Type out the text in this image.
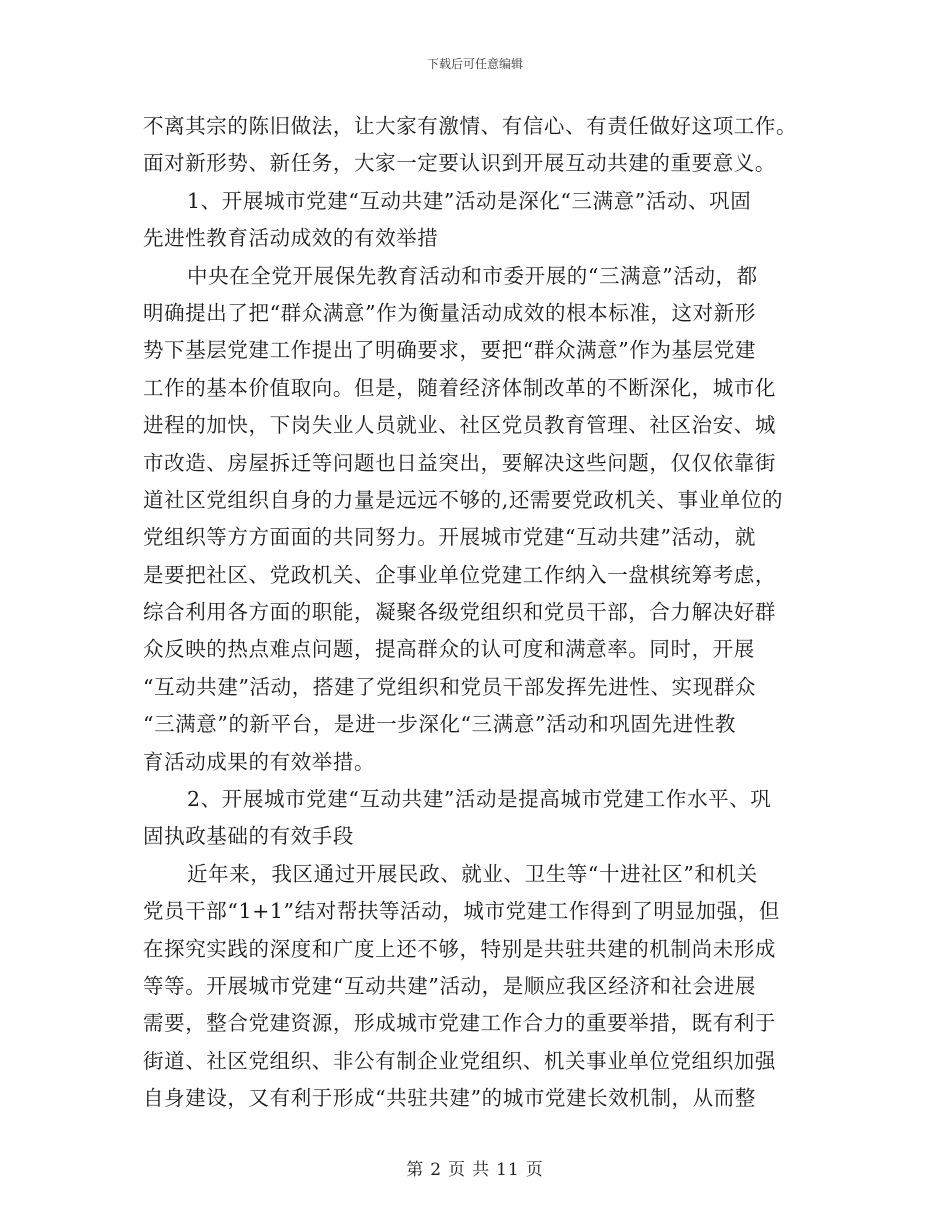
下载后可任意编辑
不离其宗的陈旧做法，让大家有激情、有信心、有责任做好这项工作。
面对新形势、新任务，大家一定要认识到开展互动共建的重要意义。
1、开展城市党建“互动共建”活动是深化“三满意”活动、巩固
先进性教育活动成效的有效举措
中央在全党开展保先教育活动和市委开展的“三满意”活动，都
明确提出了把“群众满意”作为衡量活动成效的根本标准，这对新形
势下基层党建工作提出了明确要求，要把“群众满意”作为基层党建
工作的基本价值取向。但是，随着经济体制改革的不断深化，城市化
进程的加快，下岗失业人员就业、社区党员教育管理、社区治安、城
市改造、房屋拆迁等问题也日益突出，要解决这些问题，仅仅依靠街
道社区党组织自身的力量是远远不够的,还需要党政机关、事业单位的
党组织等方方面面的共同努力。开展城市党建“互动共建”活动，就
是要把社区、党政机关、企事业单位党建工作纳入一盘棋统筹考虑，
综合利用各方面的职能，凝聚各级党组织和党员干部，合力解决好群
众反映的热点难点问题，提高群众的认可度和满意率。同时，开展
“互动共建”活动，搭建了党组织和党员干部发挥先进性、实现群众
“三满意”的新平台，是进一步深化“三满意”活动和巩固先进性教
育活动成果的有效举措。
2、开展城市党建“互动共建”活动是提高城市党建工作水平、巩
固执政基础的有效手段
近年来，我区通过开展民政、就业、卫生等“十进社区”和机关
党员干部“1+1”结对帮扶等活动，城市党建工作得到了明显加强，但
在探究实践的深度和广度上还不够，特别是共驻共建的机制尚未形成
等等。开展城市党建“互动共建”活动，是顺应我区经济和社会进展
需要，整合党建资源，形成城市党建工作合力的重要举措，既有利于
街道、社区党组织、非公有制企业党组织、机关事业单位党组织加强
自身建设，又有利于形成“共驻共建”的城市党建长效机制，从而整
第 2 页 共 11 页
